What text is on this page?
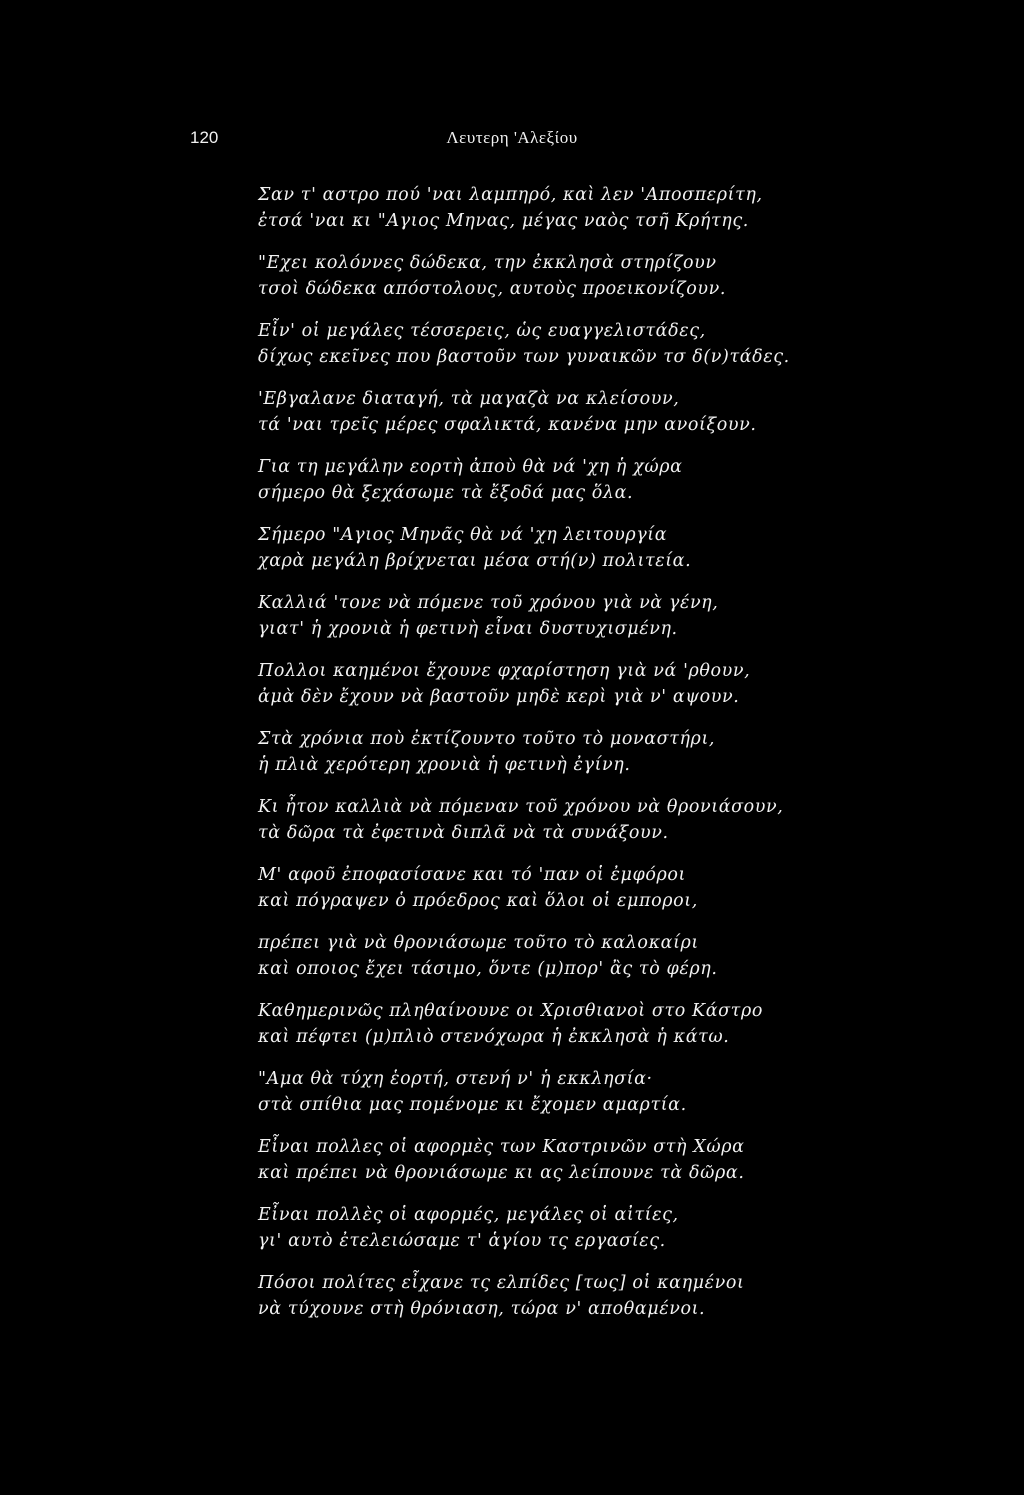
120	Λευτερη 'Αλεξίου
Σαν τ' αστρο πού 'ναι λαμπηρό, καὶ λεν 'Αποσπερίτη,
ἐτσά 'ναι κι "Αγιος Μηνας, μέγας ναὸς τσῆ Κρήτης.
"Εχει κολόννες δώδεκα, την ἐκκλησὰ στηρίζουν
τσοὶ δώδεκα απόστολους, αυτοὺς προεικονίζουν.
Εἶν' οἱ μεγάλες τέσσερεις, ὡς ευαγγελιστάδες,
δίχως εκεῖνες που βαστοῦν των γυναικῶν τσ δ(ν)τάδες.
'Εβγαλανε διαταγή, τὰ μαγαζὰ να κλείσουν,
τά 'ναι τρεῖς μέρες σφαλικτά, κανένα μην ανοίξουν.
Για τη μεγάλην εορτὴ ἀποὺ θὰ νά 'χη ἡ χώρα
σήμερο θὰ ξεχάσωμε τὰ ἔξοδά μας ὅλα.
Σήμερο "Αγιος Μηνᾶς θὰ νά 'χη λειτουργία
χαρὰ μεγάλη βρίχνεται μέσα στή(ν) πολιτεία.
Καλλιά 'τονε νὰ πόμενε τοῦ χρόνου γιὰ νὰ γένη,
γιατ' ἡ χρονιὰ ἡ φετινὴ εἶναι δυστυχισμένη.
Πολλοι καημένοι ἔχουνε φχαρίστηση γιὰ νά 'ρθουν,
ἀμὰ δὲν ἔχουν νὰ βαστοῦν μηδὲ κερὶ γιὰ ν' αψουν.
Στὰ χρόνια ποὺ ἐκτίζουντο τοῦτο τὸ μοναστήρι,
ἡ πλιὰ χερότερη χρονιὰ ἡ φετινὴ ἐγίνη.
Κι ἦτον καλλιὰ νὰ πόμεναν τοῦ χρόνου νὰ θρονιάσουν,
τὰ δῶρα τὰ ἐφετινὰ διπλᾶ νὰ τὰ συνάξουν.
Μ' αφοῦ ἐποφασίσανε και τό 'παν οἱ ἐμφόροι
καὶ πόγραψεν ὁ πρόεδρος καὶ ὅλοι οἱ εμποροι,
πρέπει γιὰ νὰ θρονιάσωμε τοῦτο τὸ καλοκαίρι
καὶ οποιος ἔχει τάσιμο, ὅντε (μ)πορ' ἂς τὸ φέρη.
Καθημερινῶς πληθαίνουνε οι Χρισθιανοὶ στο Κάστρο
καὶ πέφτει (μ)πλιὸ στενόχωρα ἡ ἐκκλησὰ ἡ κάτω.
"Αμα θὰ τύχη ἑορτή, στενή ν' ἡ εκκλησία·
στὰ σπίθια μας πομένομε κι ἔχομεν αμαρτία.
Εἶναι πολλες οἱ αφορμὲς των Καστρινῶν στὴ Χώρα
καὶ πρέπει νὰ θρονιάσωμε κι ας λείπουνε τὰ δῶρα.
Εἶναι πολλὲς οἱ αφορμές, μεγάλες οἱ αἰτίες,
γι' αυτὸ ἐτελειώσαμε τ' ἁγίου τς εργασίες.
Πόσοι πολίτες εἶχανε τς ελπίδες [τως] οἱ καημένοι
νὰ τύχουνε στὴ θρόνιαση, τώρα ν' αποθαμένοι.
